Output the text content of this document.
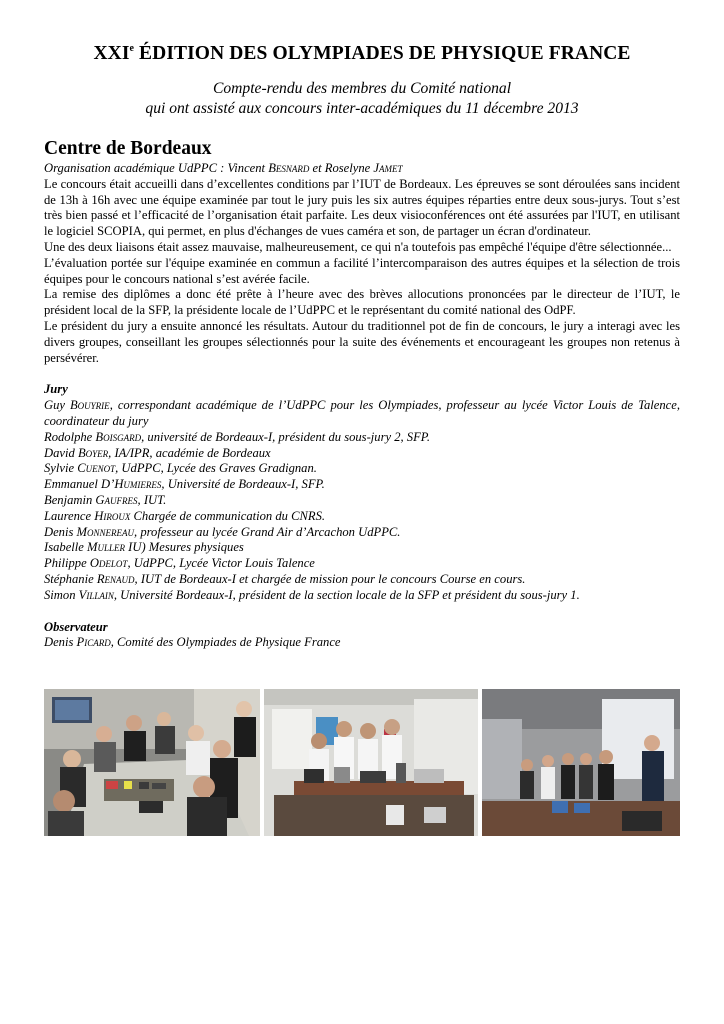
XXIe ÉDITION DES OLYMPIADES DE PHYSIQUE FRANCE
Compte-rendu des membres du Comité national
qui ont assisté aux concours inter-académiques du 11 décembre 2013
Centre de Bordeaux

Organisation académique UdPPC : Vincent Besnard et Roselyne Jamet

Le concours était accueilli dans d’excellentes conditions par l’IUT de Bordeaux. Les épreuves se sont déroulées sans incident de 13h à 16h avec une équipe examinée par tout le jury puis les six autres équipes réparties entre deux sous-jurys. Tout s’est très bien passé et l’efficacité de l’organisation était parfaite. Les deux visioconférences ont été assurées par l'IUT, en utilisant le logiciel SCOPIA, qui permet, en plus d'échanges de vues caméra et son, de partager un écran d'ordinateur.

Une des deux liaisons était assez mauvaise, malheureusement, ce qui n'a toutefois pas empêché l'équipe d'être sélectionnée...

L’évaluation portée sur l'équipe examinée en commun a facilité l’intercomparaison des autres équipes et la sélection de trois équipes pour le concours national s’est avérée facile.

La remise des diplômes a donc été prête à l’heure avec des brèves allocutions prononcées par le directeur de l’IUT, le président local de la SFP, la présidente locale de l’UdPPC et le représentant du comité national des OdPF.

Le président du jury a ensuite annoncé les résultats. Autour du traditionnel pot de fin de concours, le jury a interagi avec les divers groupes, conseillant les groupes sélectionnés pour la suite des événements et encourageant les groupes non retenus à persévérer.

Jury

Guy Bouyrie, correspondant académique de l’UdPPC pour les Olympiades, professeur au lycée Victor Louis de Talence, coordinateur du jury

Rodolphe Boisgard, université de Bordeaux-I, président du sous-jury 2, SFP.

David Boyer, IA/IPR, académie de Bordeaux

Sylvie Cuenot, UdPPC, Lycée des Graves Gradignan.

Emmanuel D’Humieres, Université de Bordeaux-I, SFP.

Benjamin Gaufres, IUT.

Laurence Hiroux Chargée de communication du CNRS.

Denis Monnereau, professeur au lycée Grand Air d’Arcachon UdPPC.

Isabelle Muller IU) Mesures physiques

Philippe Odelot, UdPPC, Lycée Victor Louis Talence

Stéphanie Renaud, IUT de Bordeaux-I et chargée de mission pour le concours Course en cours.

Simon Villain, Université Bordeaux-I, président de la section locale de la SFP et président du sous-jury 1.

Observateur

Denis Picard, Comité des Olympiades de Physique France
